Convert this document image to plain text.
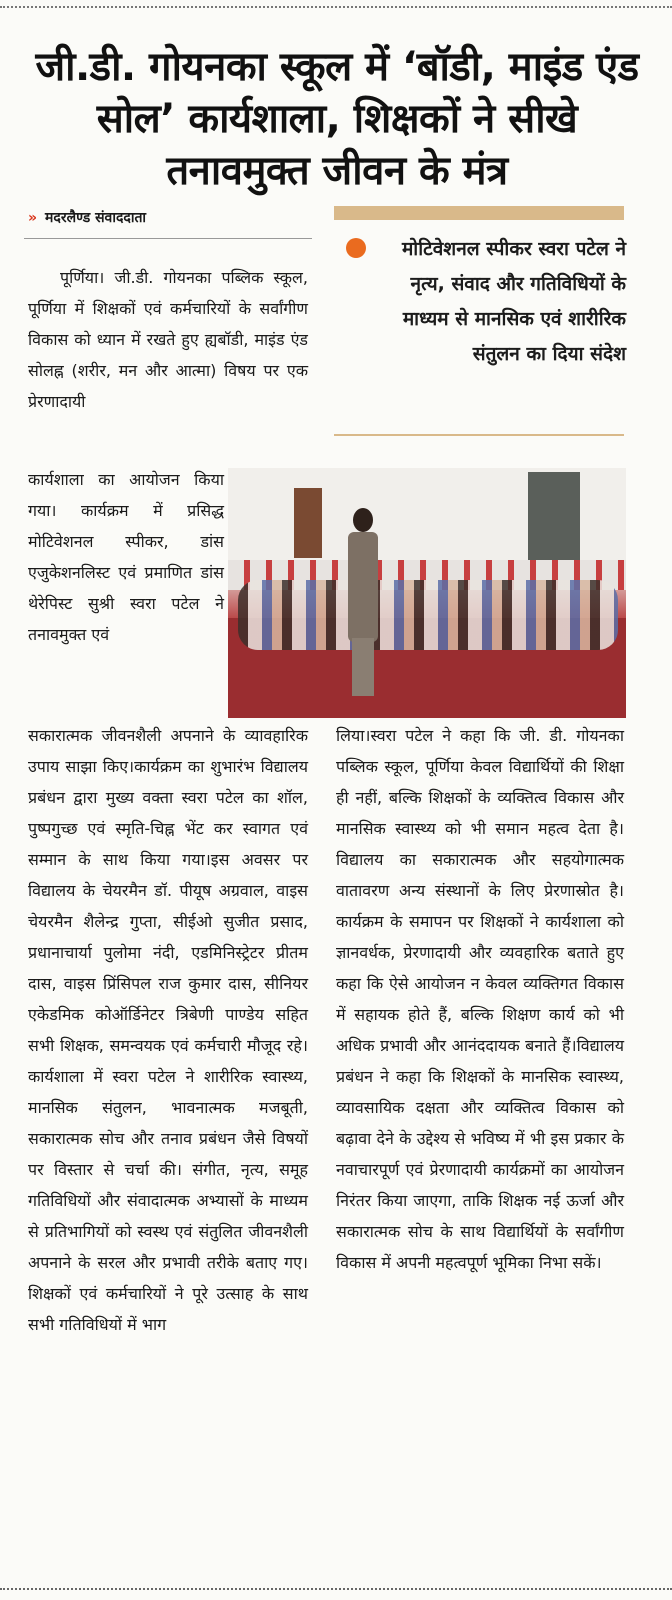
जी.डी. गोयनका स्कूल में ‘बॉडी, माइंड एंड सोल’ कार्यशाला, शिक्षकों ने सीखे तनावमुक्त जीवन के मंत्र
» मदरलैण्ड संवाददाता
मोटिवेशनल स्पीकर स्वरा पटेल ने नृत्य, संवाद और गतिविधियों के माध्यम से मानसिक एवं शारीरिक संतुलन का दिया संदेश

पूर्णिया। जी.डी. गोयनका पब्लिक स्कूल, पूर्णिया में शिक्षकों एवं कर्मचारियों के सर्वांगीण विकास को ध्यान में रखते हुए ह्यबॉडी, माइंड एंड सोलह्न (शरीर, मन और आत्मा) विषय पर एक प्रेरणादायी

कार्यशाला का आयोजन किया गया। कार्यक्रम में प्रसिद्ध मोटिवेशनल स्पीकर, डांस एजुकेशनलिस्ट एवं प्रमाणित डांस थेरेपिस्ट सुश्री स्वरा पटेल ने तनावमुक्त एवं

सकारात्मक जीवनशैली अपनाने के व्यावहारिक उपाय साझा किए।कार्यक्रम का शुभारंभ विद्यालय प्रबंधन द्वारा मुख्य वक्ता स्वरा पटेल का शॉल, पुष्पगुच्छ एवं स्मृति-चिह्न भेंट कर स्वागत एवं सम्मान के साथ किया गया।इस अवसर पर विद्यालय के चेयरमैन डॉ. पीयूष अग्रवाल, वाइस चेयरमैन शैलेन्द्र गुप्ता, सीईओ सुजीत प्रसाद, प्रधानाचार्या पुलोमा नंदी, एडमिनिस्ट्रेटर प्रीतम दास, वाइस प्रिंसिपल राज कुमार दास, सीनियर एकेडमिक कोऑर्डिनेटर त्रिबेणी पाण्डेय सहित सभी शिक्षक, समन्वयक एवं कर्मचारी मौजूद रहे।कार्यशाला में स्वरा पटेल ने शारीरिक स्वास्थ्य, मानसिक संतुलन, भावनात्मक मजबूती, सकारात्मक सोच और तनाव प्रबंधन जैसे विषयों पर विस्तार से चर्चा की। संगीत, नृत्य, समूह गतिविधियों और संवादात्मक अभ्यासों के माध्यम से प्रतिभागियों को स्वस्थ एवं संतुलित जीवनशैली अपनाने के सरल और प्रभावी तरीके बताए गए। शिक्षकों एवं कर्मचारियों ने पूरे उत्साह के साथ सभी गतिविधियों में भाग

लिया।स्वरा पटेल ने कहा कि जी. डी. गोयनका पब्लिक स्कूल, पूर्णिया केवल विद्यार्थियों की शिक्षा ही नहीं, बल्कि शिक्षकों के व्यक्तित्व विकास और मानसिक स्वास्थ्य को भी समान महत्व देता है। विद्यालय का सकारात्मक और सहयोगात्मक वातावरण अन्य संस्थानों के लिए प्रेरणास्रोत है।कार्यक्रम के समापन पर शिक्षकों ने कार्यशाला को ज्ञानवर्धक, प्रेरणादायी और व्यवहारिक बताते हुए कहा कि ऐसे आयोजन न केवल व्यक्तिगत विकास में सहायक होते हैं, बल्कि शिक्षण कार्य को भी अधिक प्रभावी और आनंददायक बनाते हैं।विद्यालय प्रबंधन ने कहा कि शिक्षकों के मानसिक स्वास्थ्य, व्यावसायिक दक्षता और व्यक्तित्व विकास को बढ़ावा देने के उद्देश्य से भविष्य में भी इस प्रकार के नवाचारपूर्ण एवं प्रेरणादायी कार्यक्रमों का आयोजन निरंतर किया जाएगा, ताकि शिक्षक नई ऊर्जा और सकारात्मक सोच के साथ विद्यार्थियों के सर्वांगीण विकास में अपनी महत्वपूर्ण भूमिका निभा सकें।
